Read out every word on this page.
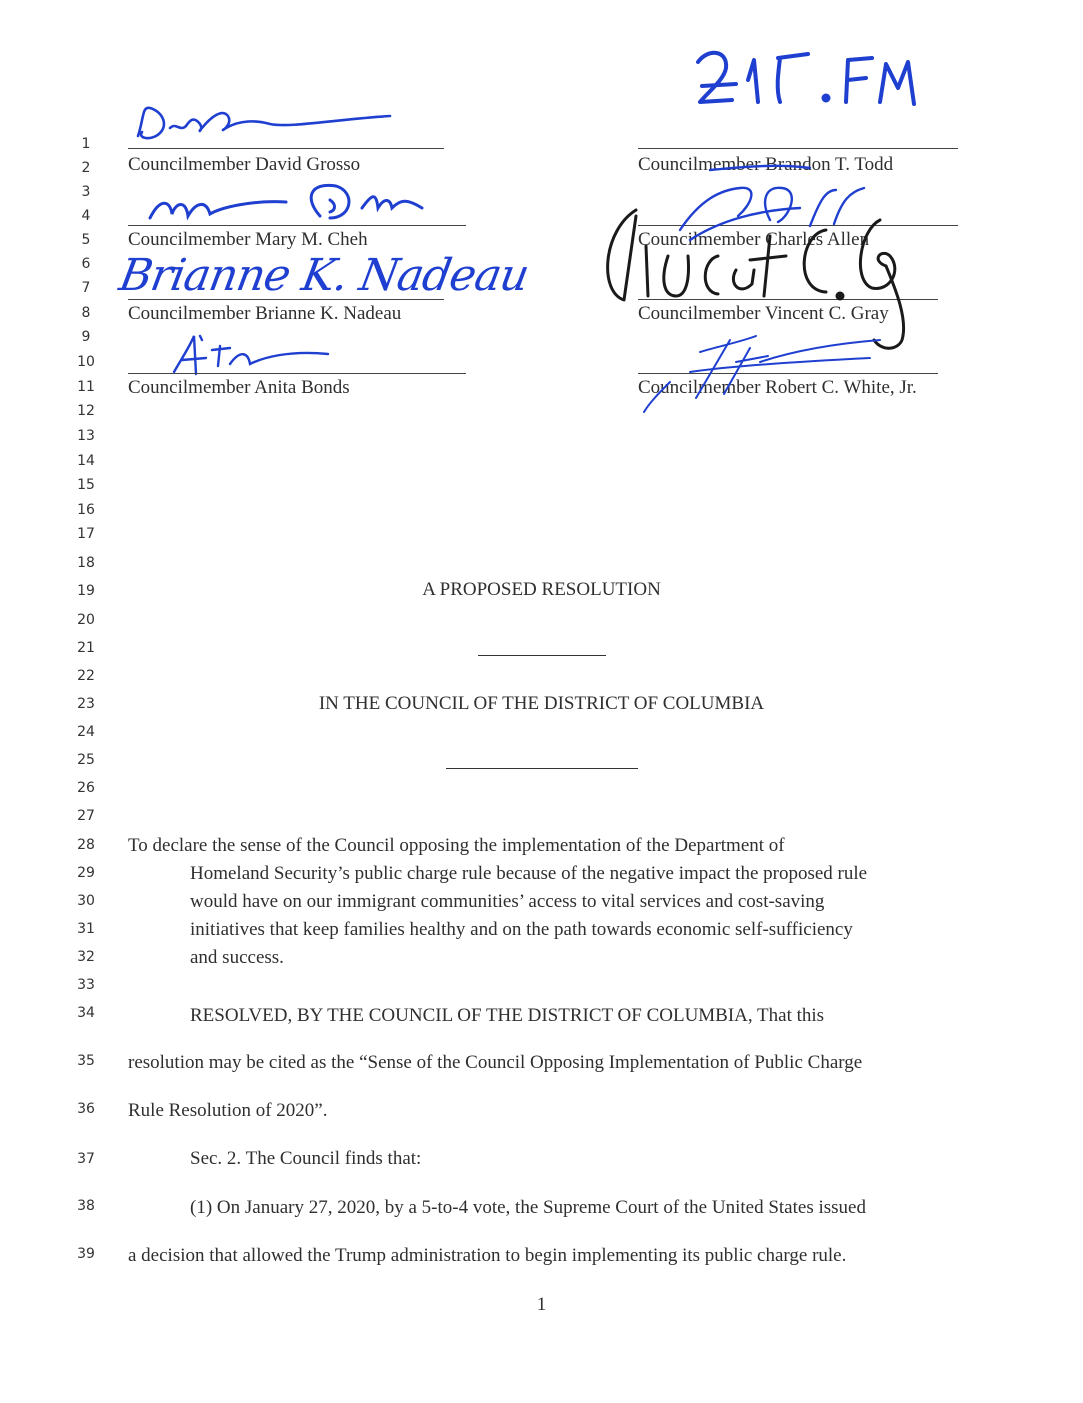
1
2
3
4
5
6
7
8
9
10
11
12
13
14
15
16
17
18
19
20
21
22
23
24
25
26
27
28
29
30
31
32
33
34
35
36
37
38
39
Councilmember David Grosso
Councilmember Mary M. Cheh
Brianne K. Nadeau
Councilmember Brianne K. Nadeau
Councilmember Anita Bonds
Councilmember Brandon T. Todd
Councilmember Charles Allen
Councilmember Vincent C. Gray
Councilmember Robert C. White, Jr.
A PROPOSED RESOLUTION
IN THE COUNCIL OF THE DISTRICT OF COLUMBIA
To declare the sense of the Council opposing the implementation of the Department of
Homeland Security’s public charge rule because of the negative impact the proposed rule
would have on our immigrant communities’ access to vital services and cost-saving
initiatives that keep families healthy and on the path towards economic self-sufficiency
and success.
RESOLVED, BY THE COUNCIL OF THE DISTRICT OF COLUMBIA, That this
resolution may be cited as the “Sense of the Council Opposing Implementation of Public Charge
Rule Resolution of 2020”.
Sec. 2. The Council finds that:
(1) On January 27, 2020, by a 5-to-4 vote, the Supreme Court of the United States issued
a decision that allowed the Trump administration to begin implementing its public charge rule.
1
